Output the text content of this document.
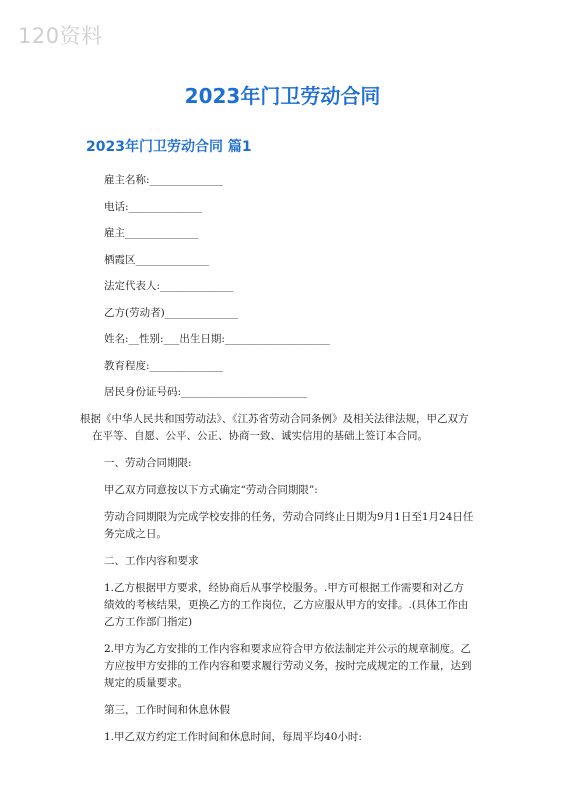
120资料
2023年门卫劳动合同
2023年门卫劳动合同 篇1
雇主名称:______________
电话:______________
雇主______________
栖霞区______________
法定代表人:______________
乙方(劳动者)______________
姓名:__性别:___出生日期:____________________
教育程度:______________
居民身份证号码:________________________
根据《中华人民共和国劳动法》、《江苏省劳动合同条例》及相关法律法规，甲乙双方在平等、自愿、公平、公正、协商一致、诚实信用的基础上签订本合同。
一、劳动合同期限:
甲乙双方同意按以下方式确定“劳动合同期限”:
劳动合同期限为完成学校安排的任务，劳动合同终止日期为9月1日至1月24日任务完成之日。
二、工作内容和要求
1.乙方根据甲方要求，经协商后从事学校服务。.甲方可根据工作需要和对乙方绩效的考核结果，更换乙方的工作岗位，乙方应服从甲方的安排。.(具体工作由乙方工作部门指定)
2.甲方为乙方安排的工作内容和要求应符合甲方依法制定并公示的规章制度。乙方应按甲方安排的工作内容和要求履行劳动义务，按时完成规定的工作量，达到规定的质量要求。
第三，工作时间和休息休假
1.甲乙双方约定工作时间和休息时间，每周平均40小时:
